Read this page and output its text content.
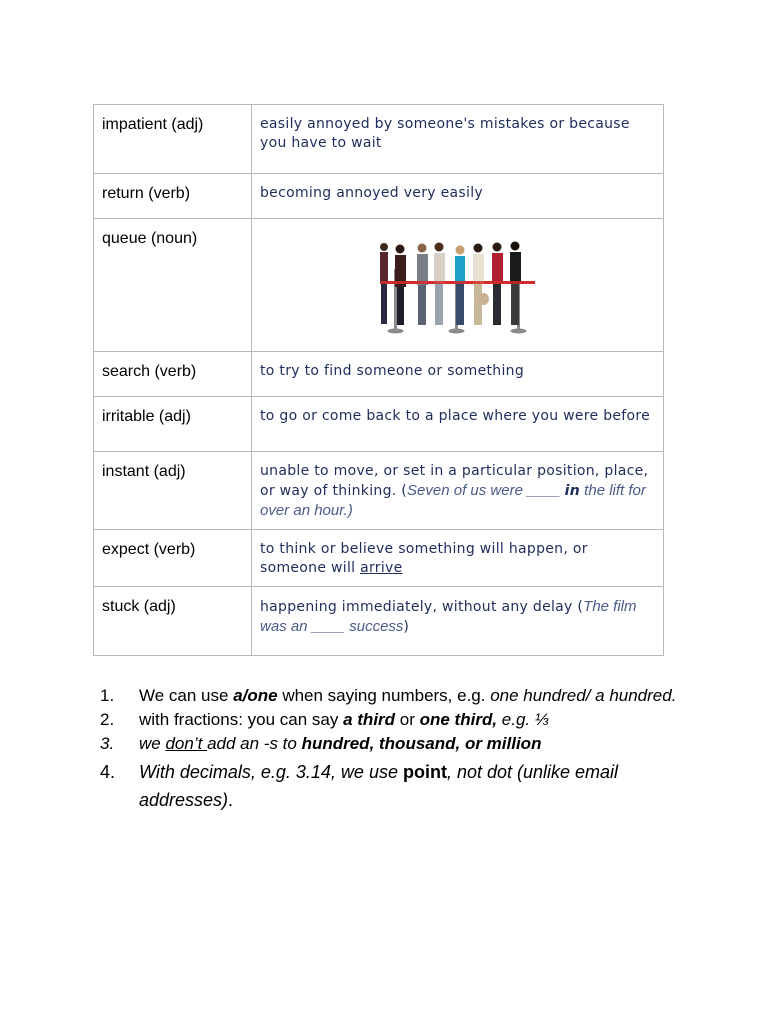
impatient (adj)	easily annoyed by someone's mistakes or because you have to wait
return (verb)	becoming annoyed very easily
queue (noun)	

search (verb)	to try to find someone or something
irritable (adj)	to go or come back to a place where you were before
instant (adj)	unable to move, or set in a particular position, place, or way of thinking. (Seven of us were ____ in the lift for over an hour.)
expect (verb)	to think or believe something will happen, or someone will arrive
stuck (adj)	happening immediately, without any delay (The film was an ____ success)
1. We can use a/one when saying numbers, e.g. one hundred/ a hundred.
2. with fractions: you can say a third or one third, e.g. ⅓
3. we don’t add an -s to hundred, thousand, or million
4. With decimals, e.g. 3.14, we use point, not dot (unlike email addresses).
